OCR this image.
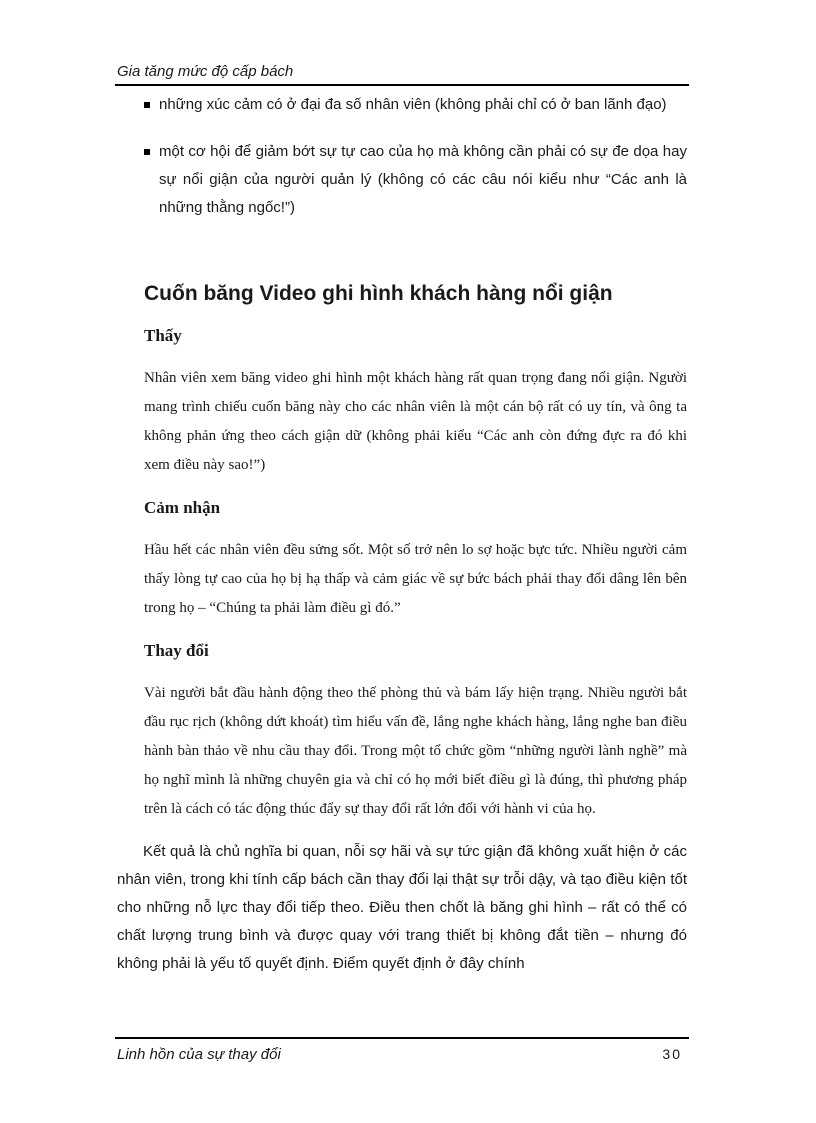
Gia tăng mức độ cấp bách

những xúc cảm có ở đại đa số nhân viên (không phải chỉ có ở ban lãnh đạo)
một cơ hội để giảm bớt sự tự cao của họ mà không cần phải có sự đe dọa hay sự nổi giận của người quản lý (không có các câu nói kiểu như “Các anh là những thằng ngốc!”)
Cuốn băng Video ghi hình khách hàng nổi giận
Thấy

Nhân viên xem băng video ghi hình một khách hàng rất quan trọng đang nổi giận. Người mang trình chiếu cuốn băng này cho các nhân viên là một cán bộ rất có uy tín, và ông ta không phản ứng theo cách giận dữ (không phải kiểu “Các anh còn đứng đực ra đó khi xem điều này sao!”)

Cảm nhận

Hầu hết các nhân viên đều sửng sốt. Một số trở nên lo sợ hoặc bực tức. Nhiều người cảm thấy lòng tự cao của họ bị hạ thấp và cảm giác về sự bức bách phải thay đổi dâng lên bên trong họ – “Chúng ta phải làm điều gì đó.”

Thay đổi

Vài người bắt đầu hành động theo thế phòng thủ và bám lấy hiện trạng. Nhiều người bắt đầu rục rịch (không dứt khoát) tìm hiểu vấn đề, lắng nghe khách hàng, lắng nghe ban điều hành bàn thảo về nhu cầu thay đổi. Trong một tổ chức gồm “những người lành nghề” mà họ nghĩ mình là những chuyên gia và chỉ có họ mới biết điều gì là đúng, thì phương pháp trên là cách có tác động thúc đẩy sự thay đổi rất lớn đối với hành vi của họ.

Kết quả là chủ nghĩa bi quan, nỗi sợ hãi và sự tức giận đã không xuất hiện ở các nhân viên, trong khi tính cấp bách cần thay đổi lại thật sự trỗi dậy, và tạo điều kiện tốt cho những nỗ lực thay đổi tiếp theo. Điều then chốt là băng ghi hình – rất có thể có chất lượng trung bình và được quay với trang thiết bị không đắt tiền – nhưng đó không phải là yếu tố quyết định. Điểm quyết định ở đây chính

Linh hồn của sự thay đổi	30
